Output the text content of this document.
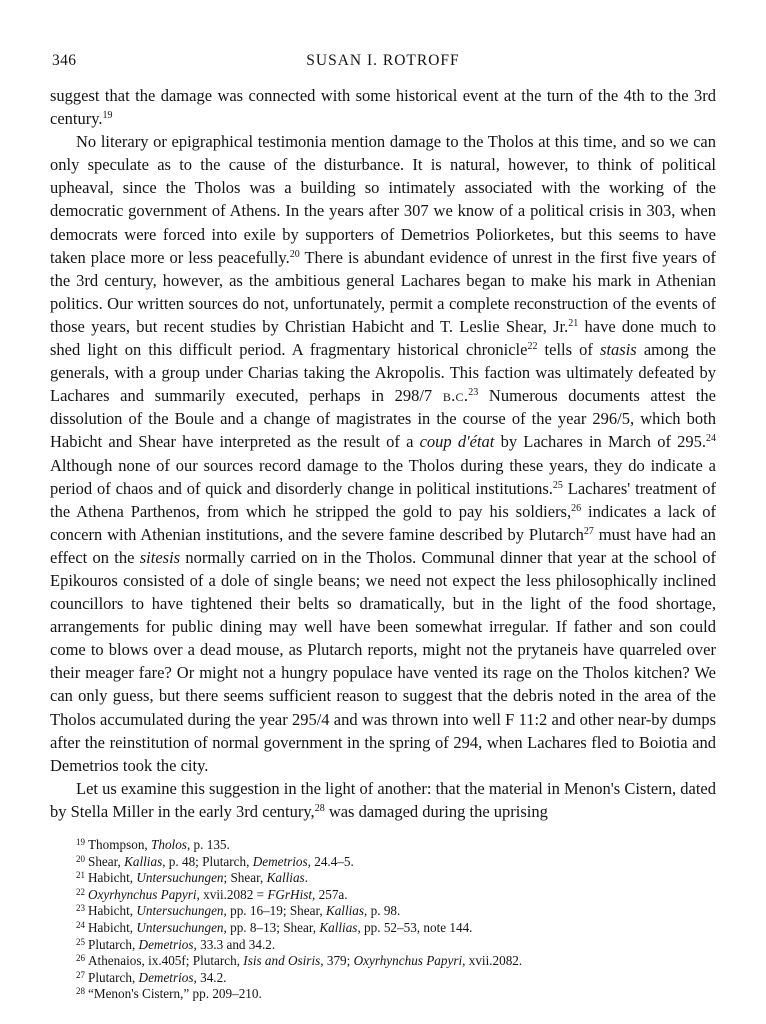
346	SUSAN I. ROTROFF

suggest that the damage was connected with some historical event at the turn of the 4th to the 3rd century.$^{19}$

No literary or epigraphical testimonia mention damage to the Tholos at this time, and so we can only speculate as to the cause of the disturbance. It is natural, however, to think of political upheaval, since the Tholos was a building so intimately associated with the working of the democratic government of Athens. In the years after 307 we know of a political crisis in 303, when democrats were forced into exile by supporters of Demetrios Poliorketes, but this seems to have taken place more or less peacefully.$^{20}$ There is abundant evidence of unrest in the first five years of the 3rd century, however, as the ambitious general Lachares began to make his mark in Athenian politics. Our written sources do not, unfortunately, permit a complete reconstruction of the events of those years, but recent studies by Christian Habicht and T. Leslie Shear, Jr.$^{21}$ have done much to shed light on this difficult period. A fragmentary historical chronicle$^{22}$ tells of stasis among the generals, with a group under Charias taking the Akropolis. This faction was ultimately defeated by Lachares and summarily executed, perhaps in 298/7 b.c.$^{23}$ Numerous documents attest the dissolution of the Boule and a change of magistrates in the course of the year 296/5, which both Habicht and Shear have interpreted as the result of a coup d'état by Lachares in March of 295.24 Although none of our sources record damage to the Tholos during these years, they do indicate a period of chaos and of quick and disorderly change in political institutions.$^{25}$ Lachares' treatment of the Athena Parthenos, from which he stripped the gold to pay his soldiers,$^{26}$ indicates a lack of concern with Athenian institutions, and the severe famine described by Plutarch$^{27}$ must have had an effect on the sitesis normally carried on in the Tholos. Communal dinner that year at the school of Epikouros consisted of a dole of single beans; we need not expect the less philosophically inclined councillors to have tightened their belts so dramatically, but in the light of the food shortage, arrangements for public dining may well have been somewhat irregular. If father and son could come to blows over a dead mouse, as Plutarch reports, might not the prytaneis have quarreled over their meager fare? Or might not a hungry populace have vented its rage on the Tholos kitchen? We can only guess, but there seems sufficient reason to suggest that the debris noted in the area of the Tholos accumulated during the year 295/4 and was thrown into well F 11:2 and other near-by dumps after the reinstitution of normal government in the spring of 294, when Lachares fled to Boiotia and Demetrios took the city.

Let us examine this suggestion in the light of another: that the material in Menon's Cistern, dated by Stella Miller in the early 3rd century,$^{28}$ was damaged during the uprising

$^{19}$ Thompson, Tholos, p. 135.
$^{20}$ Shear, Kallias, p. 48; Plutarch, Demetrios, 24.4–5.
$^{21}$ Habicht, Untersuchungen; Shear, Kallias.
$^{22}$ Oxyrhynchus Papyri, xvii.2082 = FGrHist, 257a.
$^{23}$ Habicht, Untersuchungen, pp. 16–19; Shear, Kallias, p. 98.
$^{24}$ Habicht, Untersuchungen, pp. 8–13; Shear, Kallias, pp. 52–53, note 144.
$^{25}$ Plutarch, Demetrios, 33.3 and 34.2.
$^{26}$ Athenaios, ix.405f; Plutarch, Isis and Osiris, 379; Oxyrhynchus Papyri, xvii.2082.
$^{27}$ Plutarch, Demetrios, 34.2.
$^{28}$ “Menon's Cistern,” pp. 209–210.
